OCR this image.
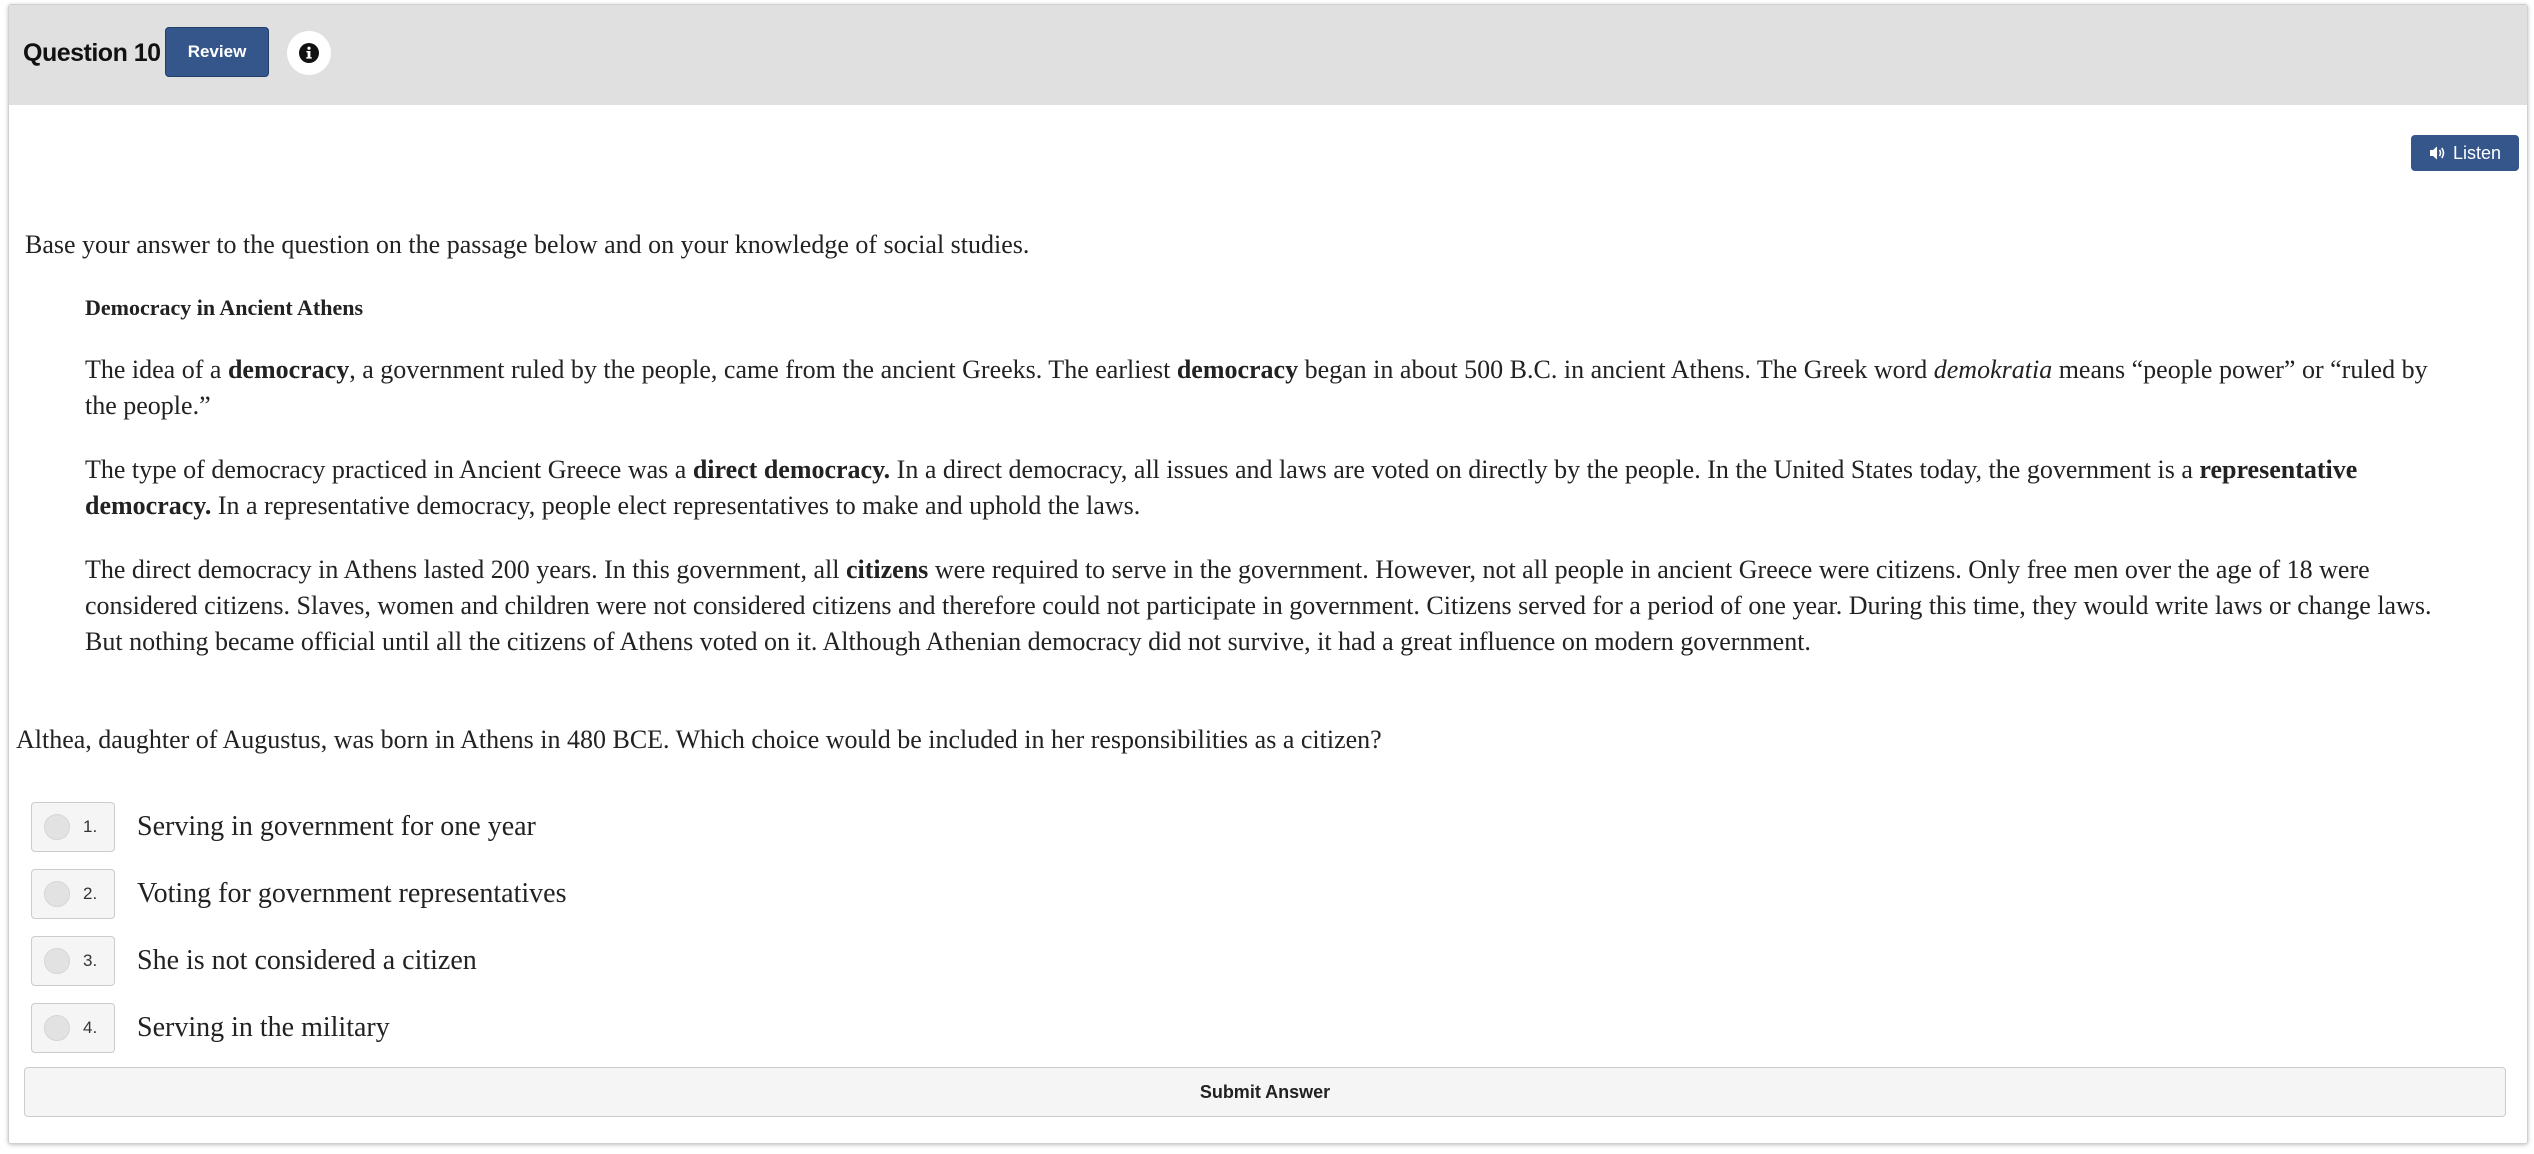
Question 10	Review
Listen
Base your answer to the question on the passage below and on your knowledge of social studies.
Democracy in Ancient Athens

The idea of a democracy, a government ruled by the people, came from the ancient Greeks. The earliest democracy began in about 500 B.C. in ancient Athens. The Greek word demokratia means “people power” or “ruled by the people.”

The type of democracy practiced in Ancient Greece was a direct democracy. In a direct democracy, all issues and laws are voted on directly by the people. In the United States today, the government is a representative democracy. In a representative democracy, people elect representatives to make and uphold the laws.

The direct democracy in Athens lasted 200 years. In this government, all citizens were required to serve in the government. However, not all people in ancient Greece were citizens. Only free men over the age of 18 were considered citizens. Slaves, women and children were not considered citizens and therefore could not participate in government. Citizens served for a period of one year. During this time, they would write laws or change laws. But nothing became official until all the citizens of Athens voted on it. Although Athenian democracy did not survive, it had a great influence on modern government.

Althea, daughter of Augustus, was born in Athens in 480 BCE. Which choice would be included in her responsibilities as a citizen?
1. Serving in government for one year
2. Voting for government representatives
3. She is not considered a citizen
4. Serving in the military
Submit Answer
